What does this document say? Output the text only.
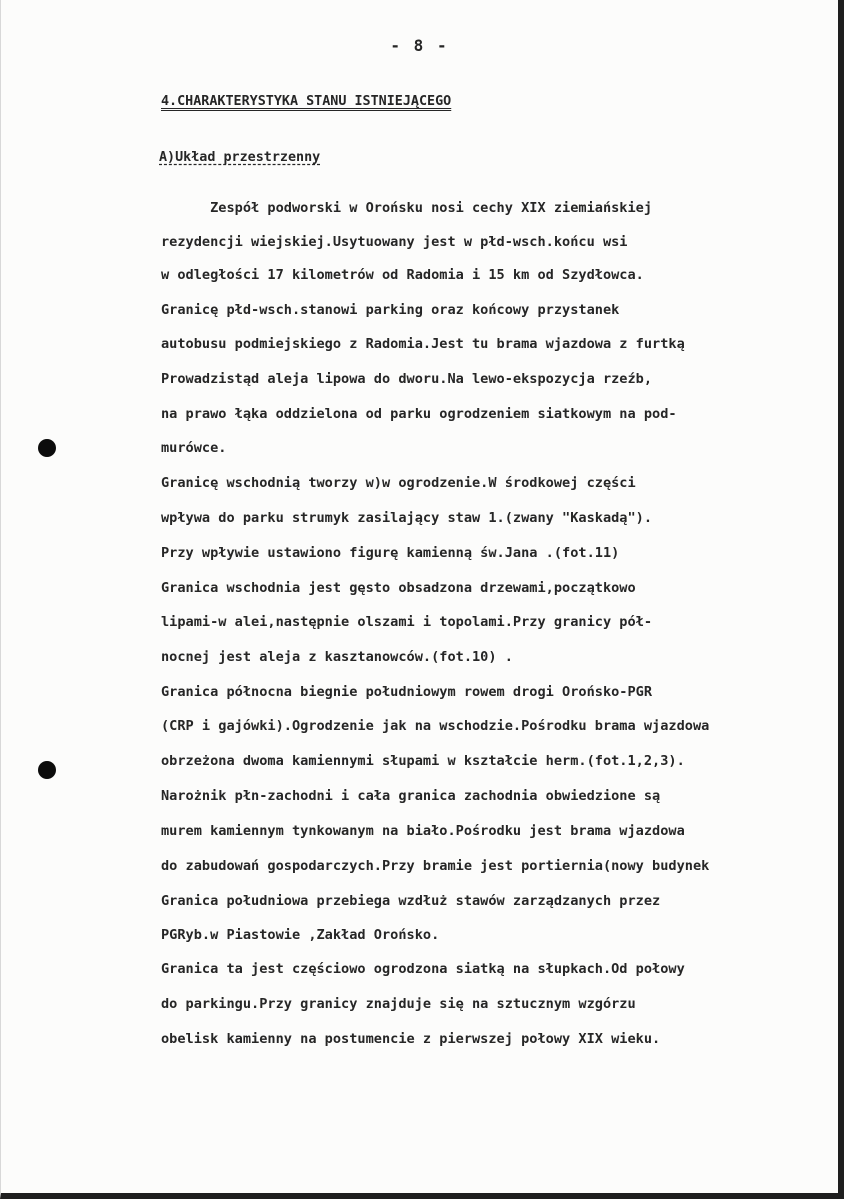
- 8 -
4.CHARAKTERYSTYKA STANU ISTNIEJĄCEGO
A)Układ przestrzenny
Zespół podworski w Orońsku nosi cechy XIX ziemiańskiej
rezydencji wiejskiej.Usytuowany jest w płd-wsch.końcu wsi
w odległości 17 kilometrów od Radomia i 15 km od Szydłowca.
Granicę płd-wsch.stanowi parking oraz końcowy przystanek
autobusu podmiejskiego z Radomia.Jest tu brama wjazdowa z furtką
Prowadzistąd aleja lipowa do dworu.Na lewo-ekspozycja rzeźb,
na prawo łąka oddzielona od parku ogrodzeniem siatkowym na pod-
murówce.
Granicę wschodnią tworzy w)w ogrodzenie.W środkowej części
wpływa do parku strumyk zasilający staw 1.(zwany "Kaskadą").
Przy wpływie ustawiono figurę kamienną św.Jana .(fot.11)
Granica wschodnia jest gęsto obsadzona drzewami,początkowo
lipami-w alei,następnie olszami i topolami.Przy granicy pół-
nocnej jest aleja z kasztanowców.(fot.10) .
Granica północna biegnie południowym rowem drogi Orońsko-PGR
(CRP i gajówki).Ogrodzenie jak na wschodzie.Pośrodku brama wjazdowa
obrzeżona dwoma kamiennymi słupami w kształcie herm.(fot.1,2,3).
Narożnik płn-zachodni i cała granica zachodnia obwiedzione są
murem kamiennym tynkowanym na biało.Pośrodku jest brama wjazdowa
do zabudowań gospodarczych.Przy bramie jest portiernia(nowy budynek
Granica południowa przebiega wzdłuż stawów zarządzanych przez
PGRyb.w Piastowie ,Zakład Orońsko.
Granica ta jest częściowo ogrodzona siatką na słupkach.Od połowy
do parkingu.Przy granicy znajduje się na sztucznym wzgórzu
obelisk kamienny na postumencie z pierwszej połowy XIX wieku.
